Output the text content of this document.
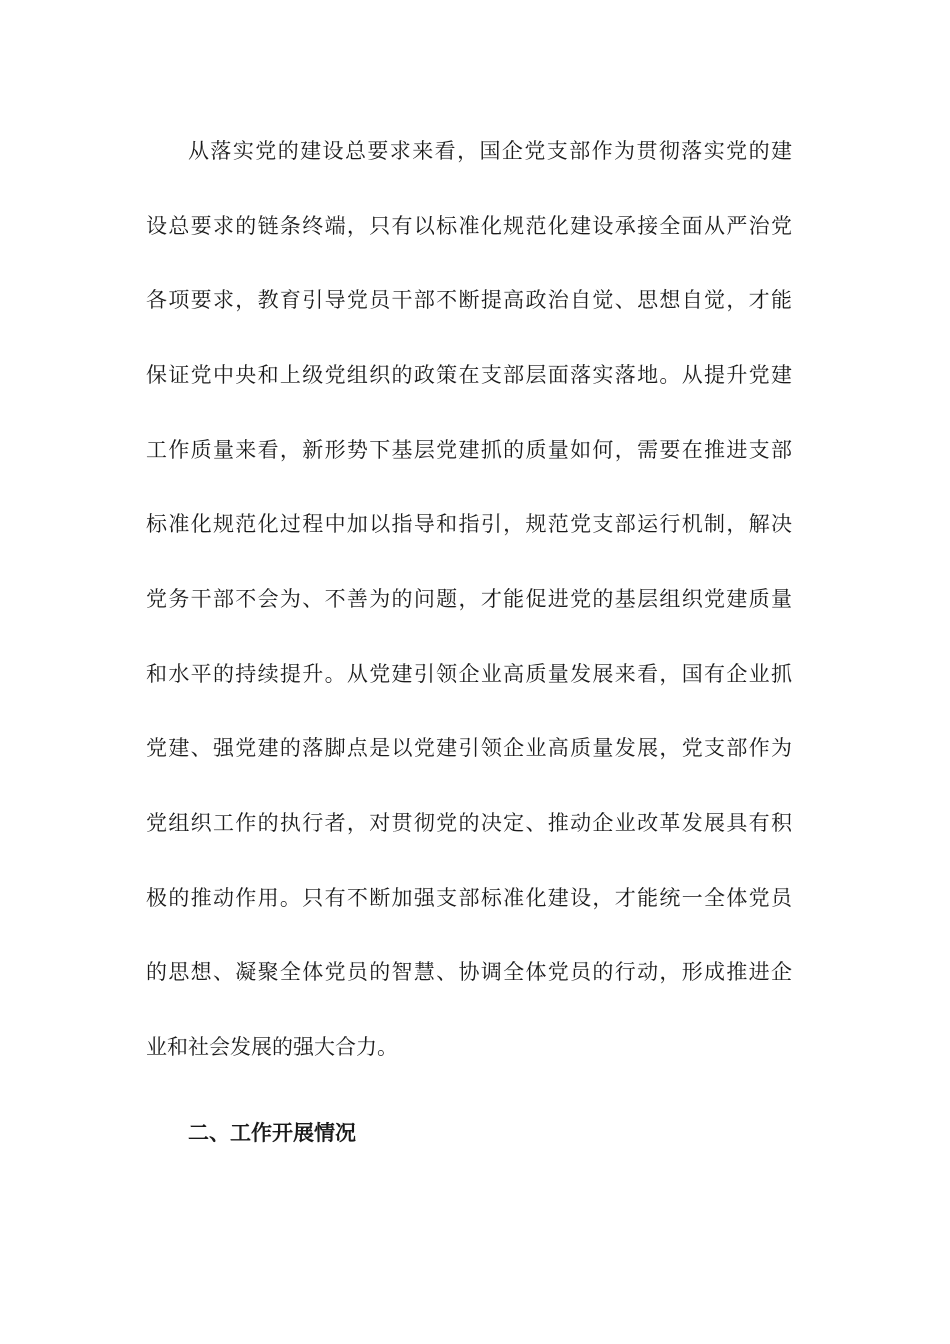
从落实党的建设总要求来看，国企党支部作为贯彻落实党的建
设总要求的链条终端，只有以标准化规范化建设承接全面从严治党
各项要求，教育引导党员干部不断提高政治自觉、思想自觉，才能
保证党中央和上级党组织的政策在支部层面落实落地。从提升党建
工作质量来看，新形势下基层党建抓的质量如何，需要在推进支部
标准化规范化过程中加以指导和指引，规范党支部运行机制，解决
党务干部不会为、不善为的问题，才能促进党的基层组织党建质量
和水平的持续提升。从党建引领企业高质量发展来看，国有企业抓
党建、强党建的落脚点是以党建引领企业高质量发展，党支部作为
党组织工作的执行者，对贯彻党的决定、推动企业改革发展具有积
极的推动作用。只有不断加强支部标准化建设，才能统一全体党员
的思想、凝聚全体党员的智慧、协调全体党员的行动，形成推进企
业和社会发展的强大合力。
二、工作开展情况
